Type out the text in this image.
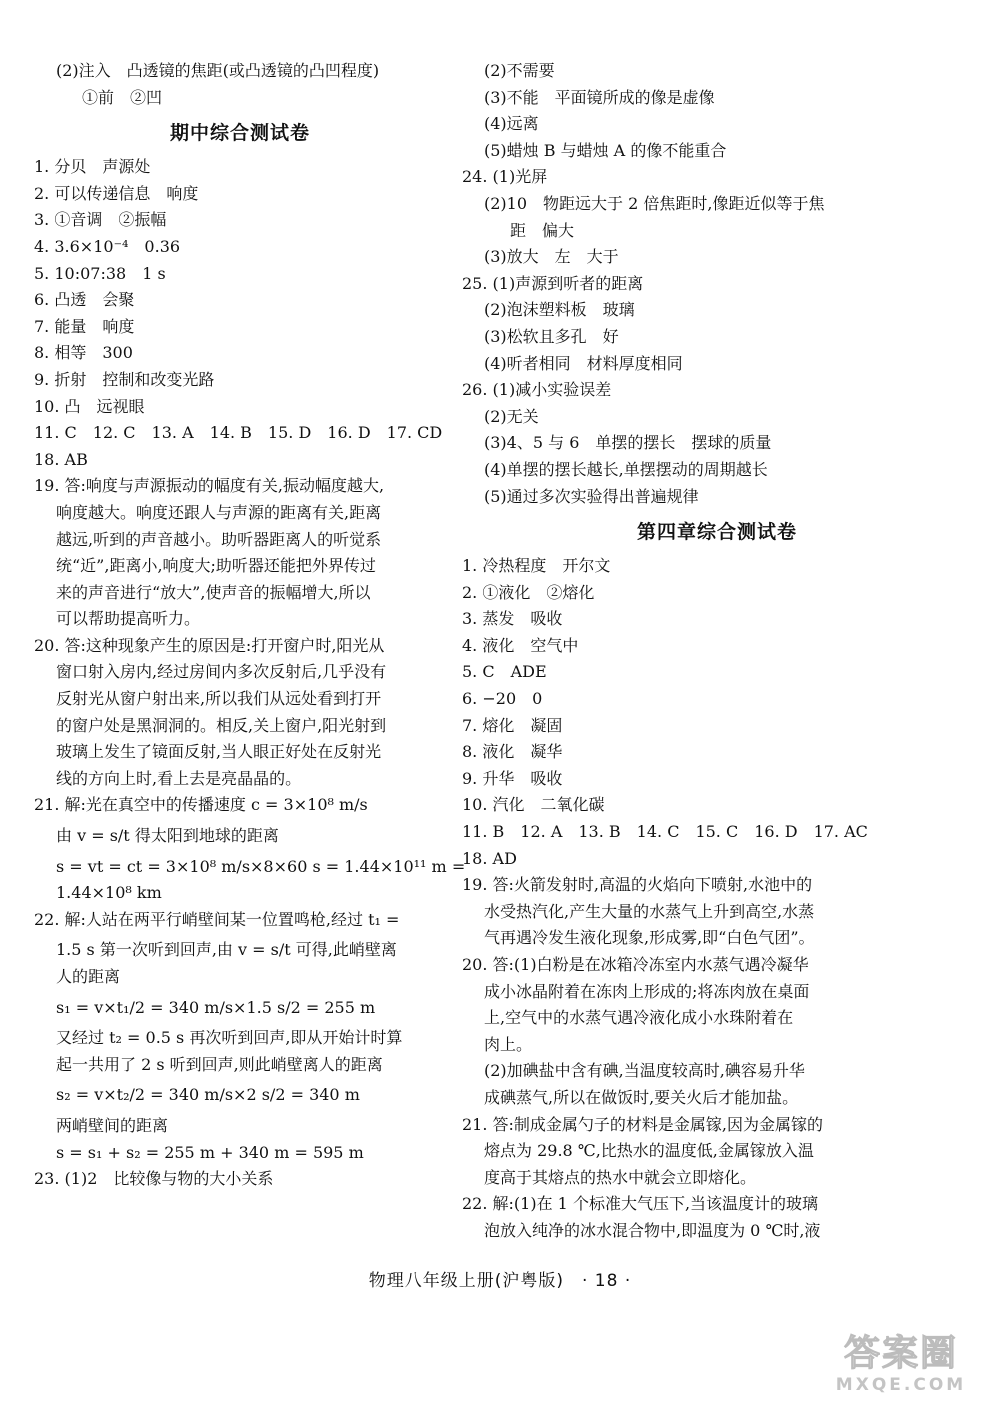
(2)注入　凸透镜的焦距(或凸透镜的凸凹程度)
①前　②凹
期中综合测试卷
1. 分贝　声源处
2. 可以传递信息　响度
3. ①音调　②振幅
4. 3.6×10⁻⁴　0.36
5. 10:07:38　1 s
6. 凸透　会聚
7. 能量　响度
8. 相等　300
9. 折射　控制和改变光路
10. 凸　远视眼
11. C　12. C　13. A　14. B　15. D　16. D　17. CD
18. AB
19. 答:响度与声源振动的幅度有关,振动幅度越大,
响度越大。响度还跟人与声源的距离有关,距离
越远,听到的声音越小。助听器距离人的听觉系
统“近”,距离小,响度大;助听器还能把外界传过
来的声音进行“放大”,使声音的振幅增大,所以
可以帮助提高听力。
20. 答:这种现象产生的原因是:打开窗户时,阳光从
窗口射入房内,经过房间内多次反射后,几乎没有
反射光从窗户射出来,所以我们从远处看到打开
的窗户处是黑洞洞的。相反,关上窗户,阳光射到
玻璃上发生了镜面反射,当人眼正好处在反射光
线的方向上时,看上去是亮晶晶的。
21. 解:光在真空中的传播速度 c = 3×10⁸ m/s
由 v = s/t 得太阳到地球的距离
s = vt = ct = 3×10⁸ m/s×8×60 s = 1.44×10¹¹ m =
1.44×10⁸ km
22. 解:人站在两平行峭壁间某一位置鸣枪,经过 t₁ =
1.5 s 第一次听到回声,由 v = s/t 可得,此峭壁离
人的距离
s₁ = v×t₁/2 = 340 m/s×1.5 s/2 = 255 m
又经过 t₂ = 0.5 s 再次听到回声,即从开始计时算
起一共用了 2 s 听到回声,则此峭壁离人的距离
s₂ = v×t₂/2 = 340 m/s×2 s/2 = 340 m
两峭壁间的距离
s = s₁ + s₂ = 255 m + 340 m = 595 m
23. (1)2　比较像与物的大小关系
(2)不需要
(3)不能　平面镜所成的像是虚像
(4)远离
(5)蜡烛 B 与蜡烛 A 的像不能重合
24. (1)光屏
(2)10　物距远大于 2 倍焦距时,像距近似等于焦
距　偏大
(3)放大　左　大于
25. (1)声源到听者的距离
(2)泡沫塑料板　玻璃
(3)松软且多孔　好
(4)听者相同　材料厚度相同
26. (1)减小实验误差
(2)无关
(3)4、5 与 6　单摆的摆长　摆球的质量
(4)单摆的摆长越长,单摆摆动的周期越长
(5)通过多次实验得出普遍规律
第四章综合测试卷
1. 冷热程度　开尔文
2. ①液化　②熔化
3. 蒸发　吸收
4. 液化　空气中
5. C　ADE
6. −20　0
7. 熔化　凝固
8. 液化　凝华
9. 升华　吸收
10. 汽化　二氧化碳
11. B　12. A　13. B　14. C　15. C　16. D　17. AC
18. AD
19. 答:火箭发射时,高温的火焰向下喷射,水池中的
水受热汽化,产生大量的水蒸气上升到高空,水蒸
气再遇冷发生液化现象,形成雾,即“白色气团”。
20. 答:(1)白粉是在冰箱冷冻室内水蒸气遇冷凝华
成小冰晶附着在冻肉上形成的;将冻肉放在桌面
上,空气中的水蒸气遇冷液化成小水珠附着在
肉上。
(2)加碘盐中含有碘,当温度较高时,碘容易升华
成碘蒸气,所以在做饭时,要关火后才能加盐。
21. 答:制成金属勺子的材料是金属镓,因为金属镓的
熔点为 29.8 ℃,比热水的温度低,金属镓放入温
度高于其熔点的热水中就会立即熔化。
22. 解:(1)在 1 个标准大气压下,当该温度计的玻璃
泡放入纯净的冰水混合物中,即温度为 0 ℃时,液
物理八年级上册(沪粤版)　· 18 ·
答案圈
MXQE.COM
